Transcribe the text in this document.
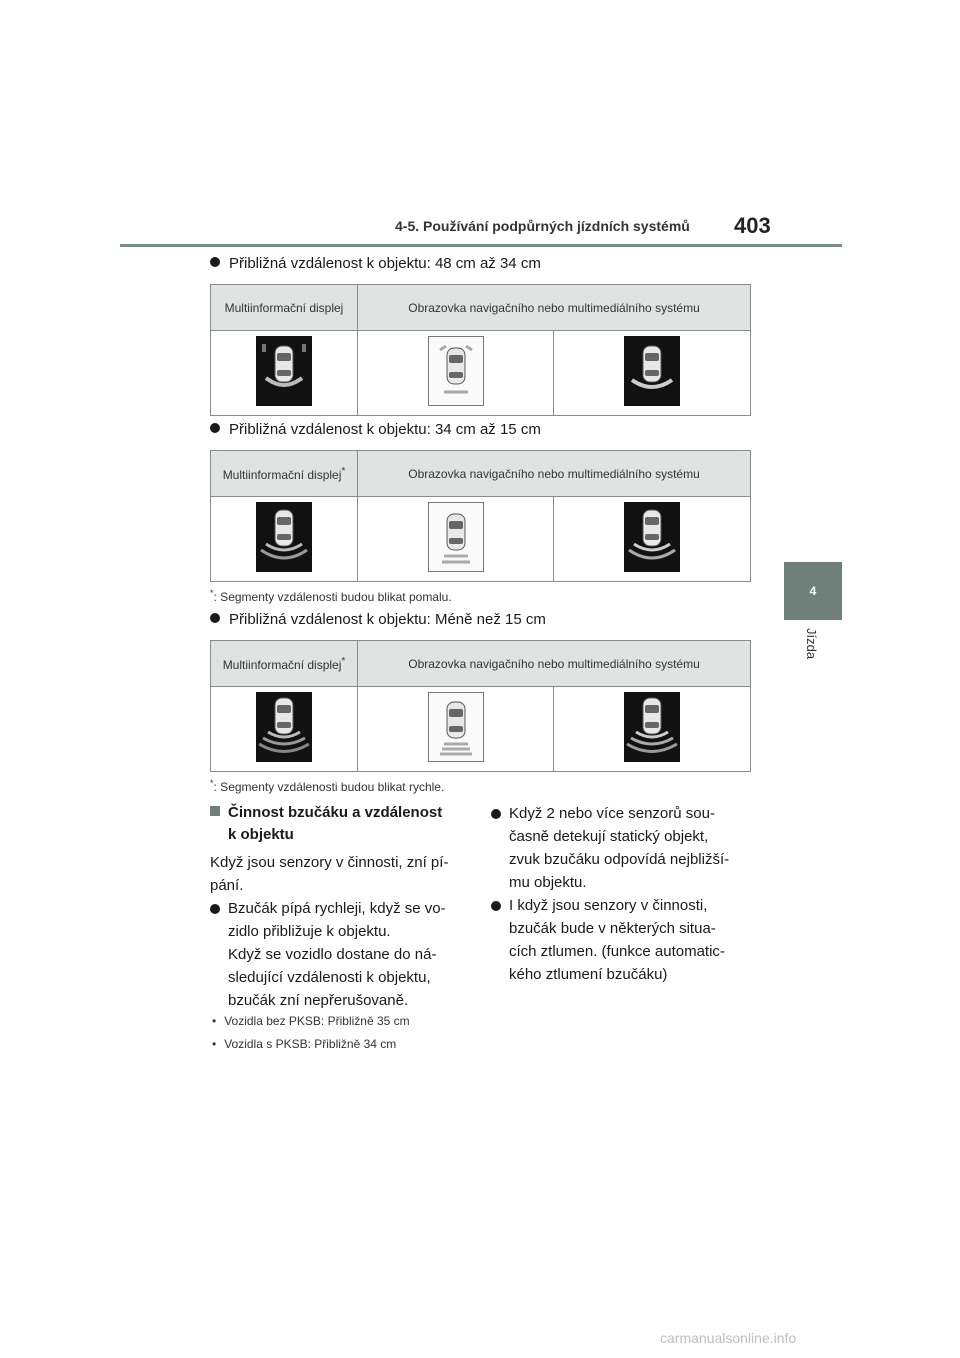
4-5. Používání podpůrných jízdních systémů 403
4
Jízda
Přibližná vzdálenost k objektu: 48 cm až 34 cm
Multiinformační displej	Obrazovka navigačního nebo multimediálního systému	

Přibližná vzdálenost k objektu: 34 cm až 15 cm
Multiinformační displej*	Obrazovka navigačního nebo multimediálního systému	

*: Segmenty vzdálenosti budou blikat pomalu.
Přibližná vzdálenost k objektu: Méně než 15 cm
Multiinformační displej*	Obrazovka navigačního nebo multimediálního systému	

*: Segmenty vzdálenosti budou blikat rychle.
Činnost bzučáku a vzdálenost
k objektu
Když jsou senzory v činnosti, zní pí-
pání.
Bzučák pípá rychleji, když se vo-
zidlo přibližuje k objektu.
Když se vozidlo dostane do ná-
sledující vzdálenosti k objektu,
bzučák zní nepřerušovaně.
• Vozidla bez PKSB: Přibližně 35 cm
• Vozidla s PKSB: Přibližně 34 cm
Když 2 nebo více senzorů sou-
časně detekují statický objekt,
zvuk bzučáku odpovídá nejbližší-
mu objektu.
I když jsou senzory v činnosti,
bzučák bude v některých situa-
cích ztlumen. (funkce automatic-
kého ztlumení bzučáku)
carmanualsonline.info
